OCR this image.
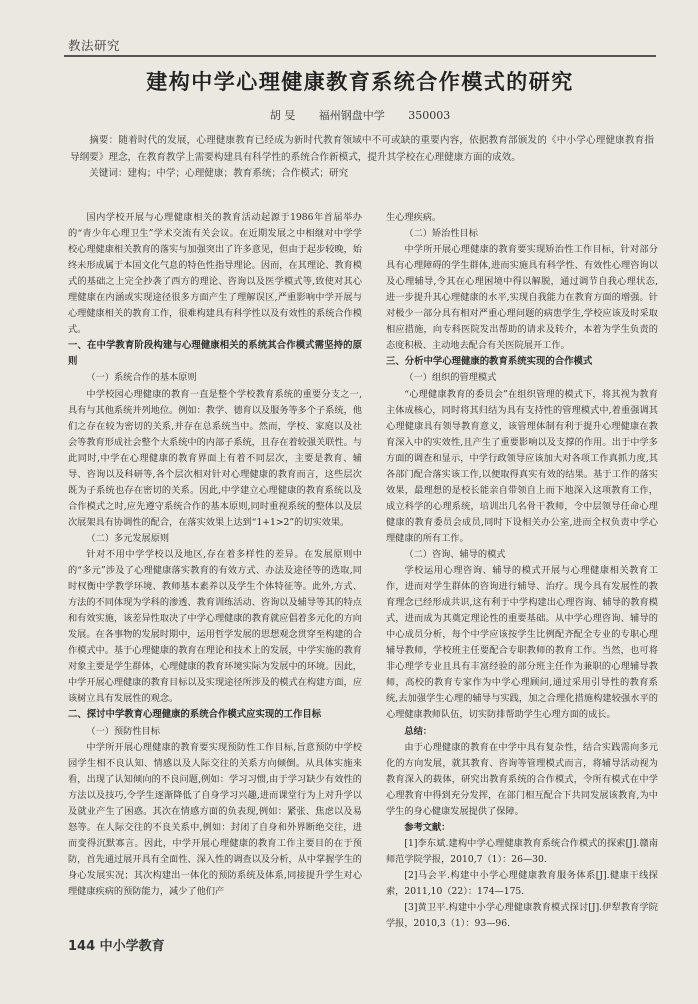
教法研究
建构中学心理健康教育系统合作模式的研究
胡 旻 福州钢盘中学 350003

摘要：随着时代的发展，心理健康教育已经成为新时代教育领域中不可或缺的重要内容，依据教育部颁发的《中小学心理健康教育指导纲要》理念，在教育教学上需要构建具有科学性的系统合作新模式，提升其学校在心理健康方面的成效。

关键词：建构；中学；心理健康；教育系统；合作模式；研究

国内学校开展与心理健康相关的教育活动起源于1986年首届举办的“青少年心理卫生”学术交流有关会议。在近期发展之中相继对中学学校心理健康相关教育的落实与加强突出了许多意见，但由于起步较晚，始终未形成属于本国文化气息的特色性指导理论。因而，在其理论、教育模式的基础之上完全抄袭了西方的理论、咨询以及医学模式等,致使对其心理健康在内涵或实现途径很多方面产生了理解误区,严重影响中学开展与心理健康相关的教育工作，很难构建具有科学性以及有效性的系统合作模式。

一、在中学教育阶段构建与心理健康相关的系统其合作模式需坚持的原则
（一）系统合作的基本原则

中学校园心理健康的教育一直是整个学校教育系统的重要分支之一,具有与其他系统并列地位。例如：教学、德育以及服务等多个子系统，他们之存在较为密切的关系,并存在总系统当中。然而，学校、家庭以及社会等教育形成社会整个大系统中的内部子系统，且存在着较强关联性。与此同时,中学在心理健康的教育界面上有着不同层次，主要是教育、辅导、咨询以及科研等,各个层次相对针对心理健康的教育而言，这些层次既为子系统也存在密切的关系。因此,中学建立心理健康的教育系统以及合作模式之时,应先遵守系统合作的基本原则,同时重视系统的整体以及层次展架具有协调性的配合，在落实效果上达到“1+1>2”的切实效果。

（二）多元发展原则

针对不用中学学校以及地区,存在着多样性的差异。在发展原则中的“多元”涉及了心理健康落实教育的有效方式、办法及途径等的选取,同时权衡中学教学环境、教师基本素养以及学生个体特征等。此外,方式、方法的不同体现为学科的渗透、教育训练活动、咨询以及辅导等其的特点和有效实施，该差异性取决了中学心理健康的教育就应倡着多元化的方向发展。在各事物的发展时期中，运用哲学发展的思想观念贯穿至构建的合作模式中。基于心理健康的教育在理论和技术上的发展，中学实施的教育对象主要是学生群体，心理健康的教育环境实际为发展中的环境。因此，中学开展心理健康的教育目标以及实现途径所涉及的模式在构建方面，应该树立具有发展性的观念。

二、探讨中学教育心理健康的系统合作模式应实现的工作目标
（一）预防性目标

中学所开展心理健康的教育要实现预防性工作目标,旨意预防中学校园学生相不良认知、情感以及人际交往的关系方向倾倒。从具体实施来看，出现了认知倾向的不良问题,例如：学习习惯,由于学习缺少有效性的方法以及技巧,令学生逐渐降低了自身学习兴趣,进而课堂行为上对升学以及就业产生了困惑。其次在情感方面的负表现,例如：紧张、焦虑以及易怒等。在人际交往的不良关系中,例如：封闭了自身和外界断绝交往，进而变得沉默寡言。因此，中学开展心理健康的教育工作主要目的在于预防，首先通过展开具有全面性、深入性的调查以及分析，从中掌握学生的身心发展实况；其次构建出一体化的预防系统及体系,同接提升学生对心理健康疾病的预防能力，减少了他们产

生心理疾病。

（二）矫治性目标

中学所开展心理健康的教育要实现矫治性工作目标，针对部分具有心理障碍的学生群体,进而实施具有科学性、有效性心理咨询以及心理辅导,令其在心理困境中得以解脱，通过调节自我心理状态,进一步提升其心理健康的水平,实现自我能力在教育方面的增强。针对极少一部分具有相对严重心理问题的病患学生,学校应该及时采取相应措施，向专科医院发出帮助的请求及转介，本着为学生负责的态度积极、主动地去配合有关医院展开工作。

三、分析中学心理健康的教育系统实现的合作模式
（一）组织的管理模式

“心理健康教育的委员会”在组织管理的模式下，将其视为教育主体成核心，同时将其归结为具有支持性的管理模式中,着重强调其心理健康具有领导教育意义，该管理体制有利于提升心理健康在教育深入中的实效性,且产生了重要影响以及支撑的作用。出于中学多方面的调查和显示，中学行政领导应该加大对各项工作真抓力度,其各部门配合落实该工作,以便取得真实有效的结果。基于工作的落实效果，最理想的是校长能亲自带领自上而下地深入这项教育工作，成立科学的心理系统，培训出几名骨干教师，令中层领导任命心理健康的教育委员会成员,同时下设相关办公室,进而全权负责中学心理健康的所有工作。

（二）咨询、辅导的模式

学校运用心理咨询、辅导的模式开展与心理健康相关教育工作，进而对学生群体的咨询进行辅导、治疗。现今具有发展性的教育理念已经形成共识,这有利于中学构建出心理咨询、辅导的教育模式，进而成为其奠定理论性的重要基础。从中学心理咨询、辅导的中心成员分析，每个中学应该按学生比例配齐配全专业的专职心理辅导教师，学校班主任要配合专职教师的教育工作。当然，也可将非心理学专业且具有丰富经验的部分班主任作为兼职的心理辅导教师，高校的教育专家作为中学心理顾问,通过采用引导性的教育系统,去加强学生心理的辅导与实践，加之合理化措施构建较强水平的心理健康教师队伍，切实防排帮助学生心理方面的成长。

总结：

由于心理健康的教育在中学中具有复杂性，结合实践需向多元化的方向发展，就其教育、咨询等管理模式而言，将辅导活动视为教育深入的载体，研究出教育系统的合作模式，令所有模式在中学心理教育中得到充分发挥，在部门相互配合下共同发展该教育,为中学生的身心健康发展提供了保障。

参考文献：

[1]李东斌.建构中学心理健康教育系统合作模式的探索[J].赣南师范学院学报，2010,7（1）：26—30.

[2]马会平.构建中小学心理健康教育服务体系[J].健康干线探索，2011,10（22）：174—175.

[3]黄卫平.构建中小学心理健康教育模式探讨[J].伊犁教育学院学报，2010,3（1）：93—96.

144 中小学教育
